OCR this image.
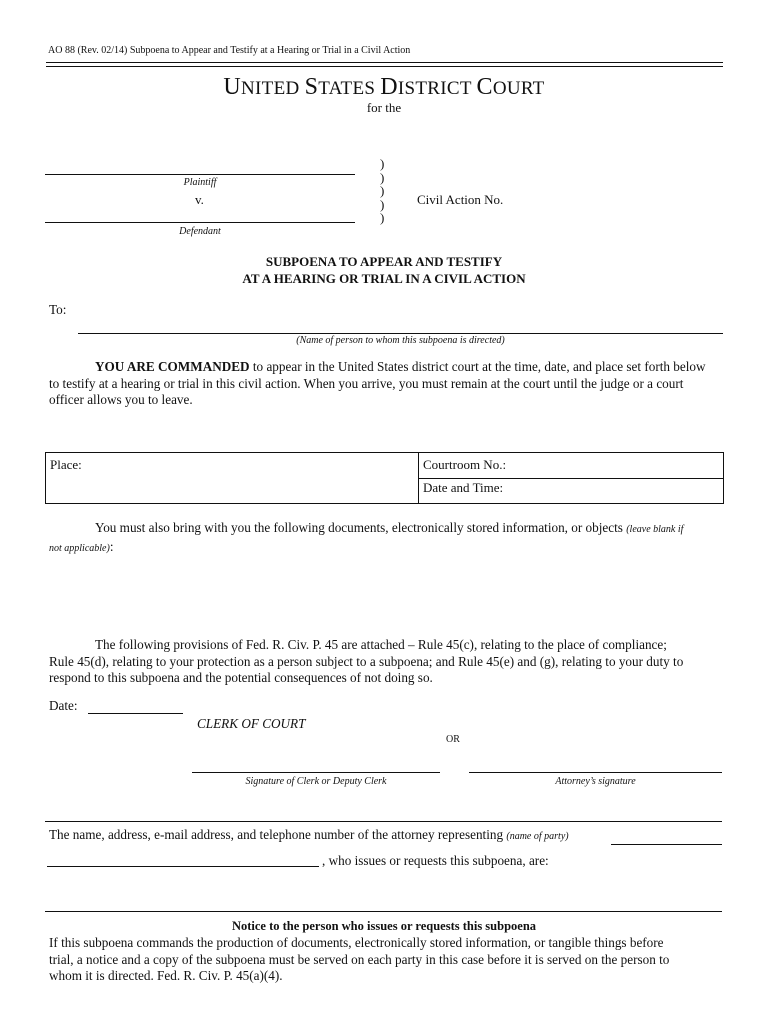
AO 88 (Rev. 02/14) Subpoena to Appear and Testify at a Hearing or Trial in a Civil Action
UNITED STATES DISTRICT COURT
for the
Plaintiff
v.
Defendant
)
)
)
)
)
Civil Action No.
SUBPOENA TO APPEAR AND TESTIFY
AT A HEARING OR TRIAL IN A CIVIL ACTION
To:
(Name of person to whom this subpoena is directed)
YOU ARE COMMANDED to appear in the United States district court at the time, date, and place set forth below
to testify at a hearing or trial in this civil action. When you arrive, you must remain at the court until the judge or a court
officer allows you to leave.
Place:	Courtroom No.:
Date and Time:
You must also bring with you the following documents, electronically stored information, or objects (leave blank if
not applicable):
The following provisions of Fed. R. Civ. P. 45 are attached – Rule 45(c), relating to the place of compliance;
Rule 45(d), relating to your protection as a person subject to a subpoena; and Rule 45(e) and (g), relating to your duty to
respond to this subpoena and the potential consequences of not doing so.
Date:
CLERK OF COURT
OR
Signature of Clerk or Deputy Clerk	Attorney’s signature
The name, address, e-mail address, and telephone number of the attorney representing (name of party)
, who issues or requests this subpoena, are:
Notice to the person who issues or requests this subpoena
If this subpoena commands the production of documents, electronically stored information, or tangible things before
trial, a notice and a copy of the subpoena must be served on each party in this case before it is served on the person to
whom it is directed. Fed. R. Civ. P. 45(a)(4).
